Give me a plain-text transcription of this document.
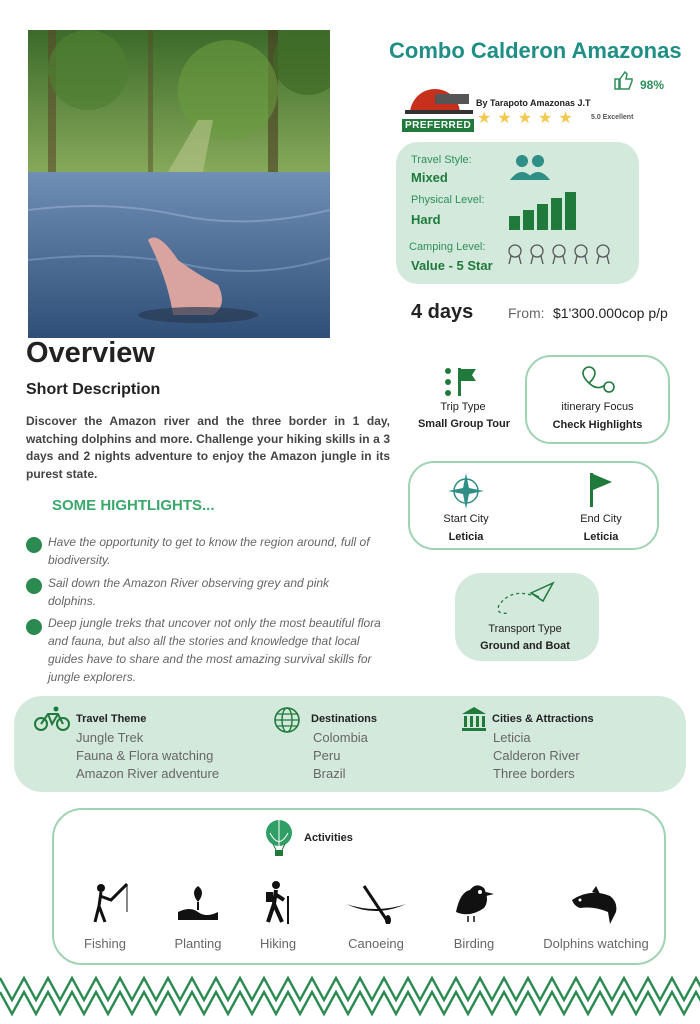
Combo Calderon Amazonas
98%
By Tarapoto Amazonas J.T
PREFERRED ★★★★★ 5.0 Excellent
Travel Style:
Mixed
Physical Level:
Hard
Camping Level:
Value - 5 Star
4 days From: $1'300.000cop p/p
Overview
Short Description
Discover the Amazon river and the three border in 1 day, watching dolphins and more. Challenge your hiking skills in a 3 days and 2 nights adventure to enjoy the Amazon jungle in its purest state.
SOME HIGHTLIGHTS...
Have the opportunity to get to know the region around, full of biodiversity.
Sail down the Amazon River observing grey and pink dolphins.
Deep jungle treks that uncover not only the most beautiful flora and fauna, but also all the stories and knowledge that local guides have to share and the most amazing survival skills for jungle explorers.
Trip Type
Small Group Tour
itinerary Focus
Check Highlights
Start City
Leticia
End City
Leticia
Transport Type
Ground and Boat
Travel Theme
Jungle Trek
Fauna & Flora watching
Amazon River adventure
Destinations
Colombia
Peru
Brazil
Cities & Attractions
Leticia
Calderon River
Three borders
Activities
Fishing	Planting	Hiking	Canoeing	Birding	Dolphins watching
